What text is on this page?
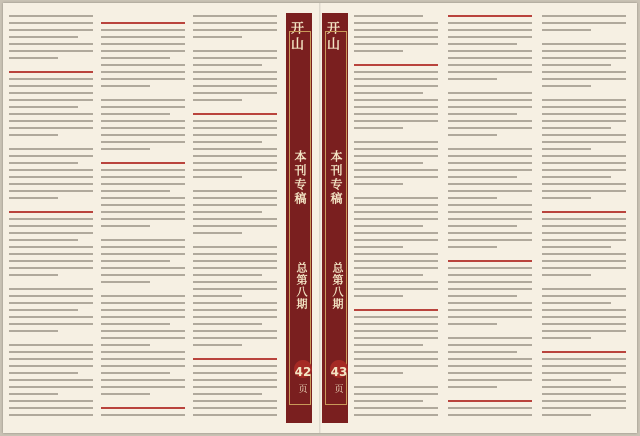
开山
本刊专稿
总第八期
42
页
开山
本刊专稿
总第八期
43
页
